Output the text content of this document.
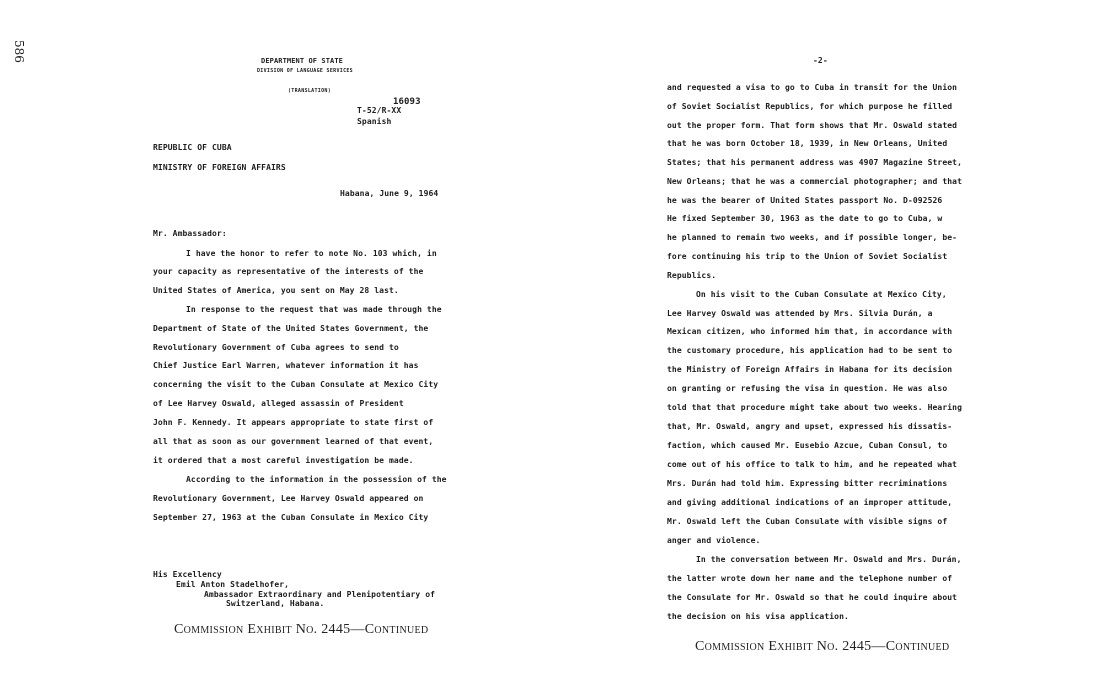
586	DEPARTMENT OF STATE
DIVISION OF LANGUAGE SERVICES
(TRANSLATION)
16093
T-52/R-XX
Spanish
REPUBLIC OF CUBA
MINISTRY OF FOREIGN AFFAIRS
Habana, June 9, 1964
Mr. Ambassador:
I have the honor to refer to note No. 103 which, in
your capacity as representative of the interests of the
United States of America, you sent on May 28 last.
In response to the request that was made through the
Department of State of the United States Government, the
Revolutionary Government of Cuba agrees to send to
Chief Justice Earl Warren, whatever information it has
concerning the visit to the Cuban Consulate at Mexico City
of Lee Harvey Oswald, alleged assassin of President
John F. Kennedy. It appears appropriate to state first of
all that as soon as our government learned of that event,
it ordered that a most careful investigation be made.
According to the information in the possession of the
Revolutionary Government, Lee Harvey Oswald appeared on
September 27, 1963 at the Cuban Consulate in Mexico City
His Excellency
Emil Anton Stadelhofer,
Ambassador Extraordinary and Plenipotentiary of
Switzerland, Habana.
Commission Exhibit No. 2445—Continued
-2-
and requested a visa to go to Cuba in transit for the Union
of Soviet Socialist Republics, for which purpose he filled
out the proper form. That form shows that Mr. Oswald stated
that he was born October 18, 1939, in New Orleans, United
States; that his permanent address was 4907 Magazine Street,
New Orleans; that he was a commercial photographer; and that
he was the bearer of United States passport No. D-092526
He fixed September 30, 1963 as the date to go to Cuba, w
he planned to remain two weeks, and if possible longer, be-
fore continuing his trip to the Union of Soviet Socialist
Republics.
On his visit to the Cuban Consulate at Mexico City,
Lee Harvey Oswald was attended by Mrs. Silvia Durán, a
Mexican citizen, who informed him that, in accordance with
the customary procedure, his application had to be sent to
the Ministry of Foreign Affairs in Habana for its decision
on granting or refusing the visa in question. He was also
told that that procedure might take about two weeks. Hearing
that, Mr. Oswald, angry and upset, expressed his dissatis-
faction, which caused Mr. Eusebio Azcue, Cuban Consul, to
come out of his office to talk to him, and he repeated what
Mrs. Durán had told him. Expressing bitter recriminations
and giving additional indications of an improper attitude,
Mr. Oswald left the Cuban Consulate with visible signs of
anger and violence.
In the conversation between Mr. Oswald and Mrs. Durán,
the latter wrote down her name and the telephone number of
the Consulate for Mr. Oswald so that he could inquire about
the decision on his visa application.
Commission Exhibit No. 2445—Continued
